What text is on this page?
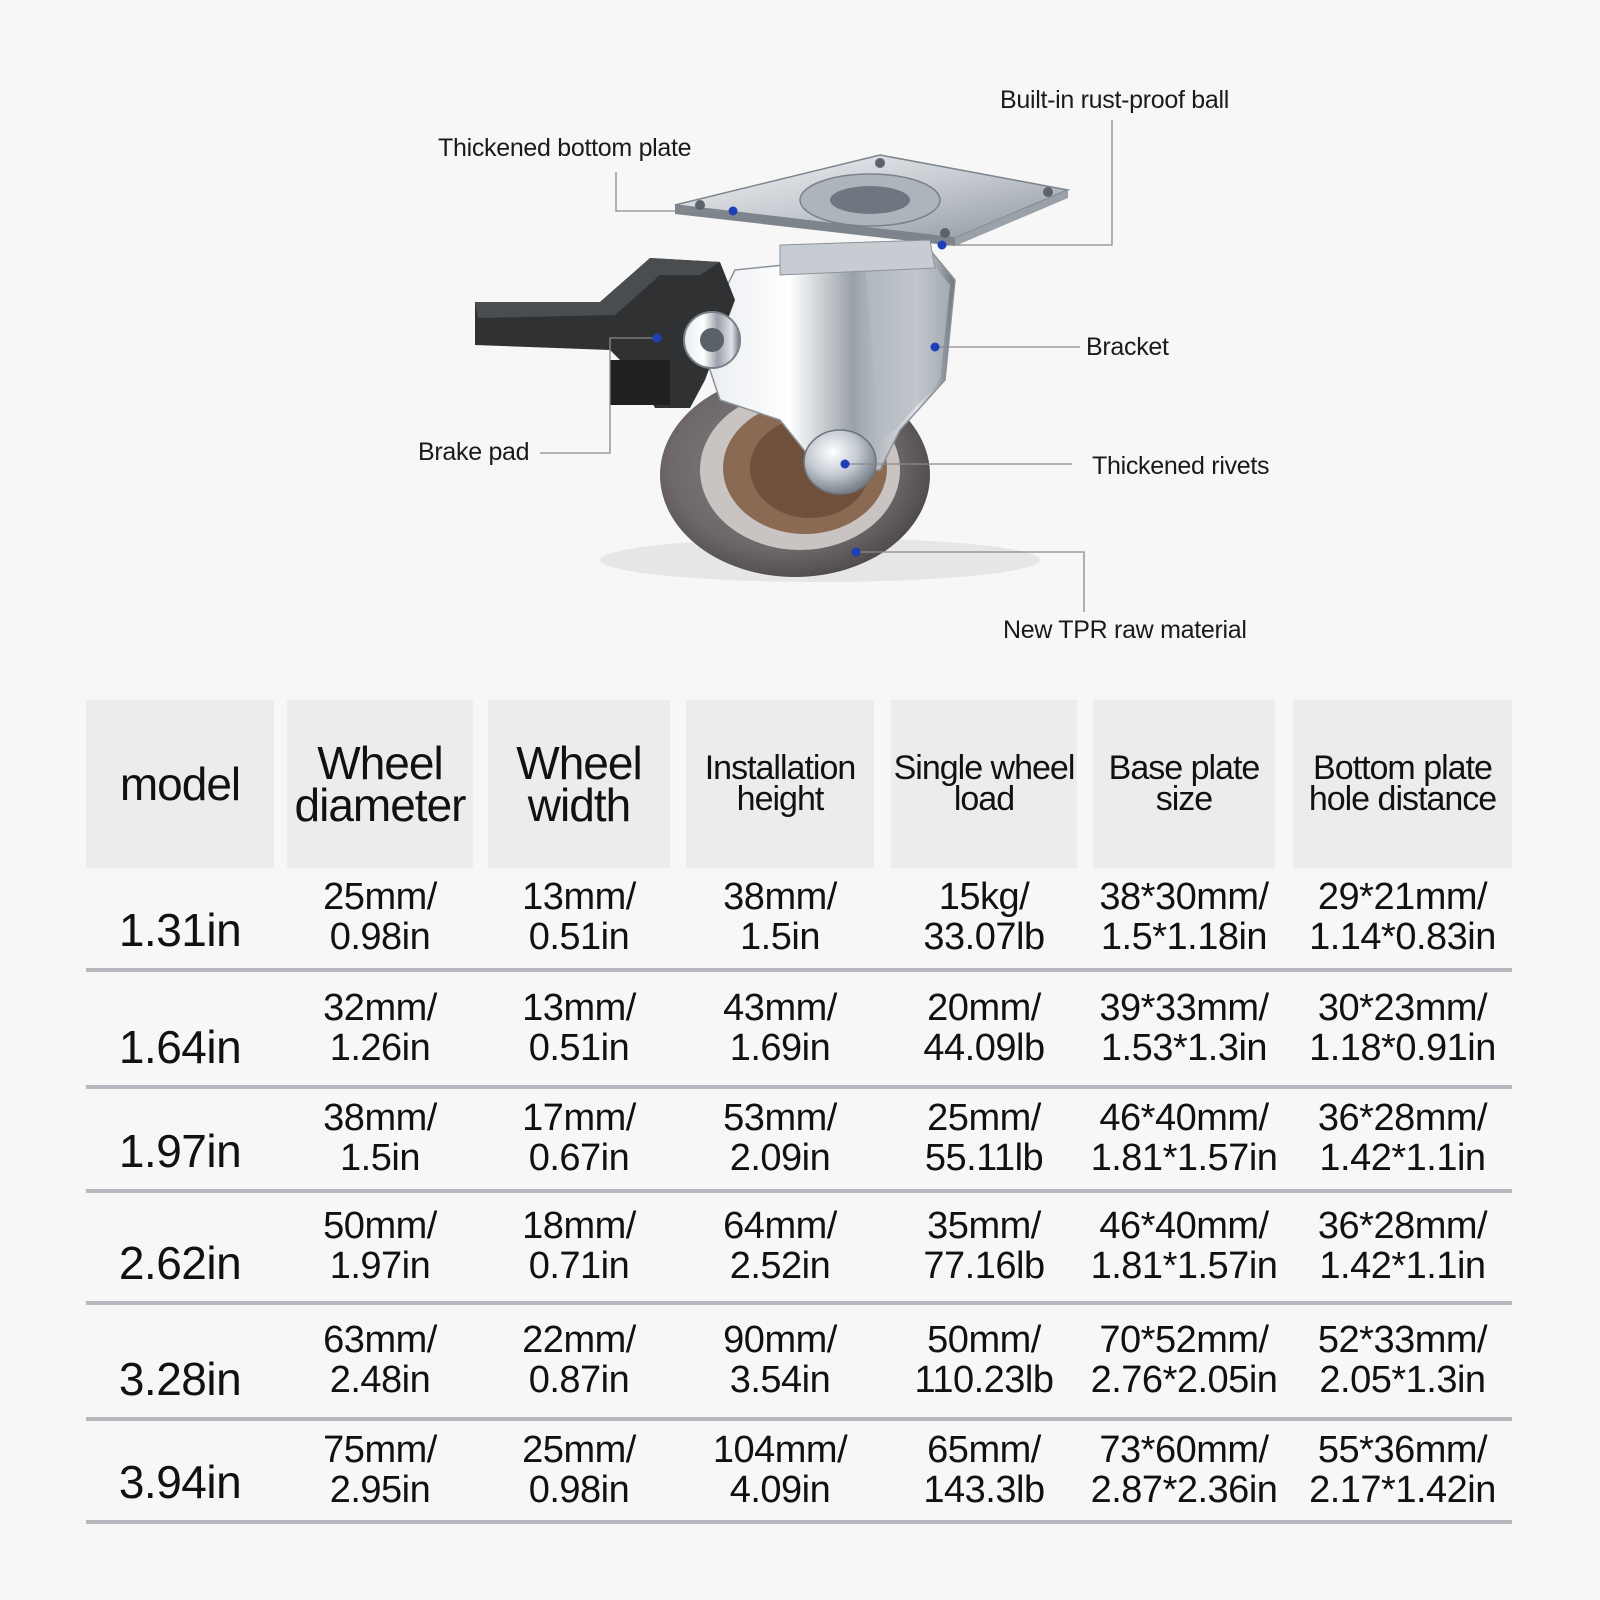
Thickened bottom plate
Built-in rust-proof ball
Bracket
Brake pad	Thickened rivets
New TPR raw material
model	Wheel
diameter
Wheel
width
Installation
height
Single wheel
load
Base plate
size
Bottom plate
hole distance
1.31in
25mm/
0.98in
13mm/
0.51in
38mm/
1.5in
15kg/
33.07lb
38*30mm/
1.5*1.18in
29*21mm/
1.14*0.83in
1.64in
32mm/
1.26in
13mm/
0.51in
43mm/
1.69in
20mm/
44.09lb
39*33mm/
1.53*1.3in
30*23mm/
1.18*0.91in
1.97in
38mm/
1.5in
17mm/
0.67in
53mm/
2.09in
25mm/
55.11lb
46*40mm/
1.81*1.57in
36*28mm/
1.42*1.1in
2.62in
50mm/
1.97in
18mm/
0.71in
64mm/
2.52in
35mm/
77.16lb
46*40mm/
1.81*1.57in
36*28mm/
1.42*1.1in
3.28in
63mm/
2.48in
22mm/
0.87in
90mm/
3.54in
50mm/
110.23lb
70*52mm/
2.76*2.05in
52*33mm/
2.05*1.3in
3.94in
75mm/
2.95in
25mm/
0.98in
104mm/
4.09in
65mm/
143.3lb
73*60mm/
2.87*2.36in
55*36mm/
2.17*1.42in
